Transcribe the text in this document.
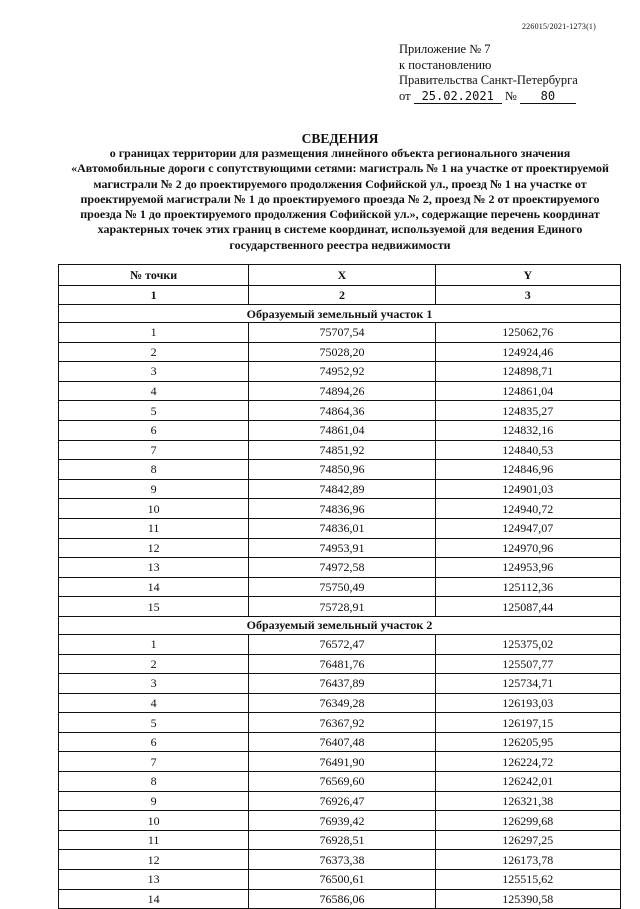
226015/2021-1273(1)
Приложение № 7
к постановлению
Правительства Санкт-Петербурга
от 25.02.2021 № 80
СВЕДЕНИЯ
о границах территории для размещения линейного объекта регионального значения «Автомобильные дороги с сопутствующими сетями: магистраль № 1 на участке от проектируемой магистрали № 2 до проектируемого продолжения Софийской ул., проезд № 1 на участке от проектируемой магистрали № 1 до проектируемого проезда № 2, проезд № 2 от проектируемого проезда № 1 до проектируемого продолжения Софийской ул.», содержащие перечень координат характерных точек этих границ в системе координат, используемой для ведения Единого государственного реестра недвижимости
№ точки	X	Y
1	2	3
Образуемый земельный участок 1		
1	75707,54	125062,76
2	75028,20	124924,46
3	74952,92	124898,71
4	74894,26	124861,04
5	74864,36	124835,27
6	74861,04	124832,16
7	74851,92	124840,53
8	74850,96	124846,96
9	74842,89	124901,03
10	74836,96	124940,72
11	74836,01	124947,07
12	74953,91	124970,96
13	74972,58	124953,96
14	75750,49	125112,36
15	75728,91	125087,44
Образуемый земельный участок 2		
1	76572,47	125375,02
2	76481,76	125507,77
3	76437,89	125734,71
4	76349,28	126193,03
5	76367,92	126197,15
6	76407,48	126205,95
7	76491,90	126224,72
8	76569,60	126242,01
9	76926,47	126321,38
10	76939,42	126299,68
11	76928,51	126297,25
12	76373,38	126173,78
13	76500,61	125515,62
14	76586,06	125390,58
